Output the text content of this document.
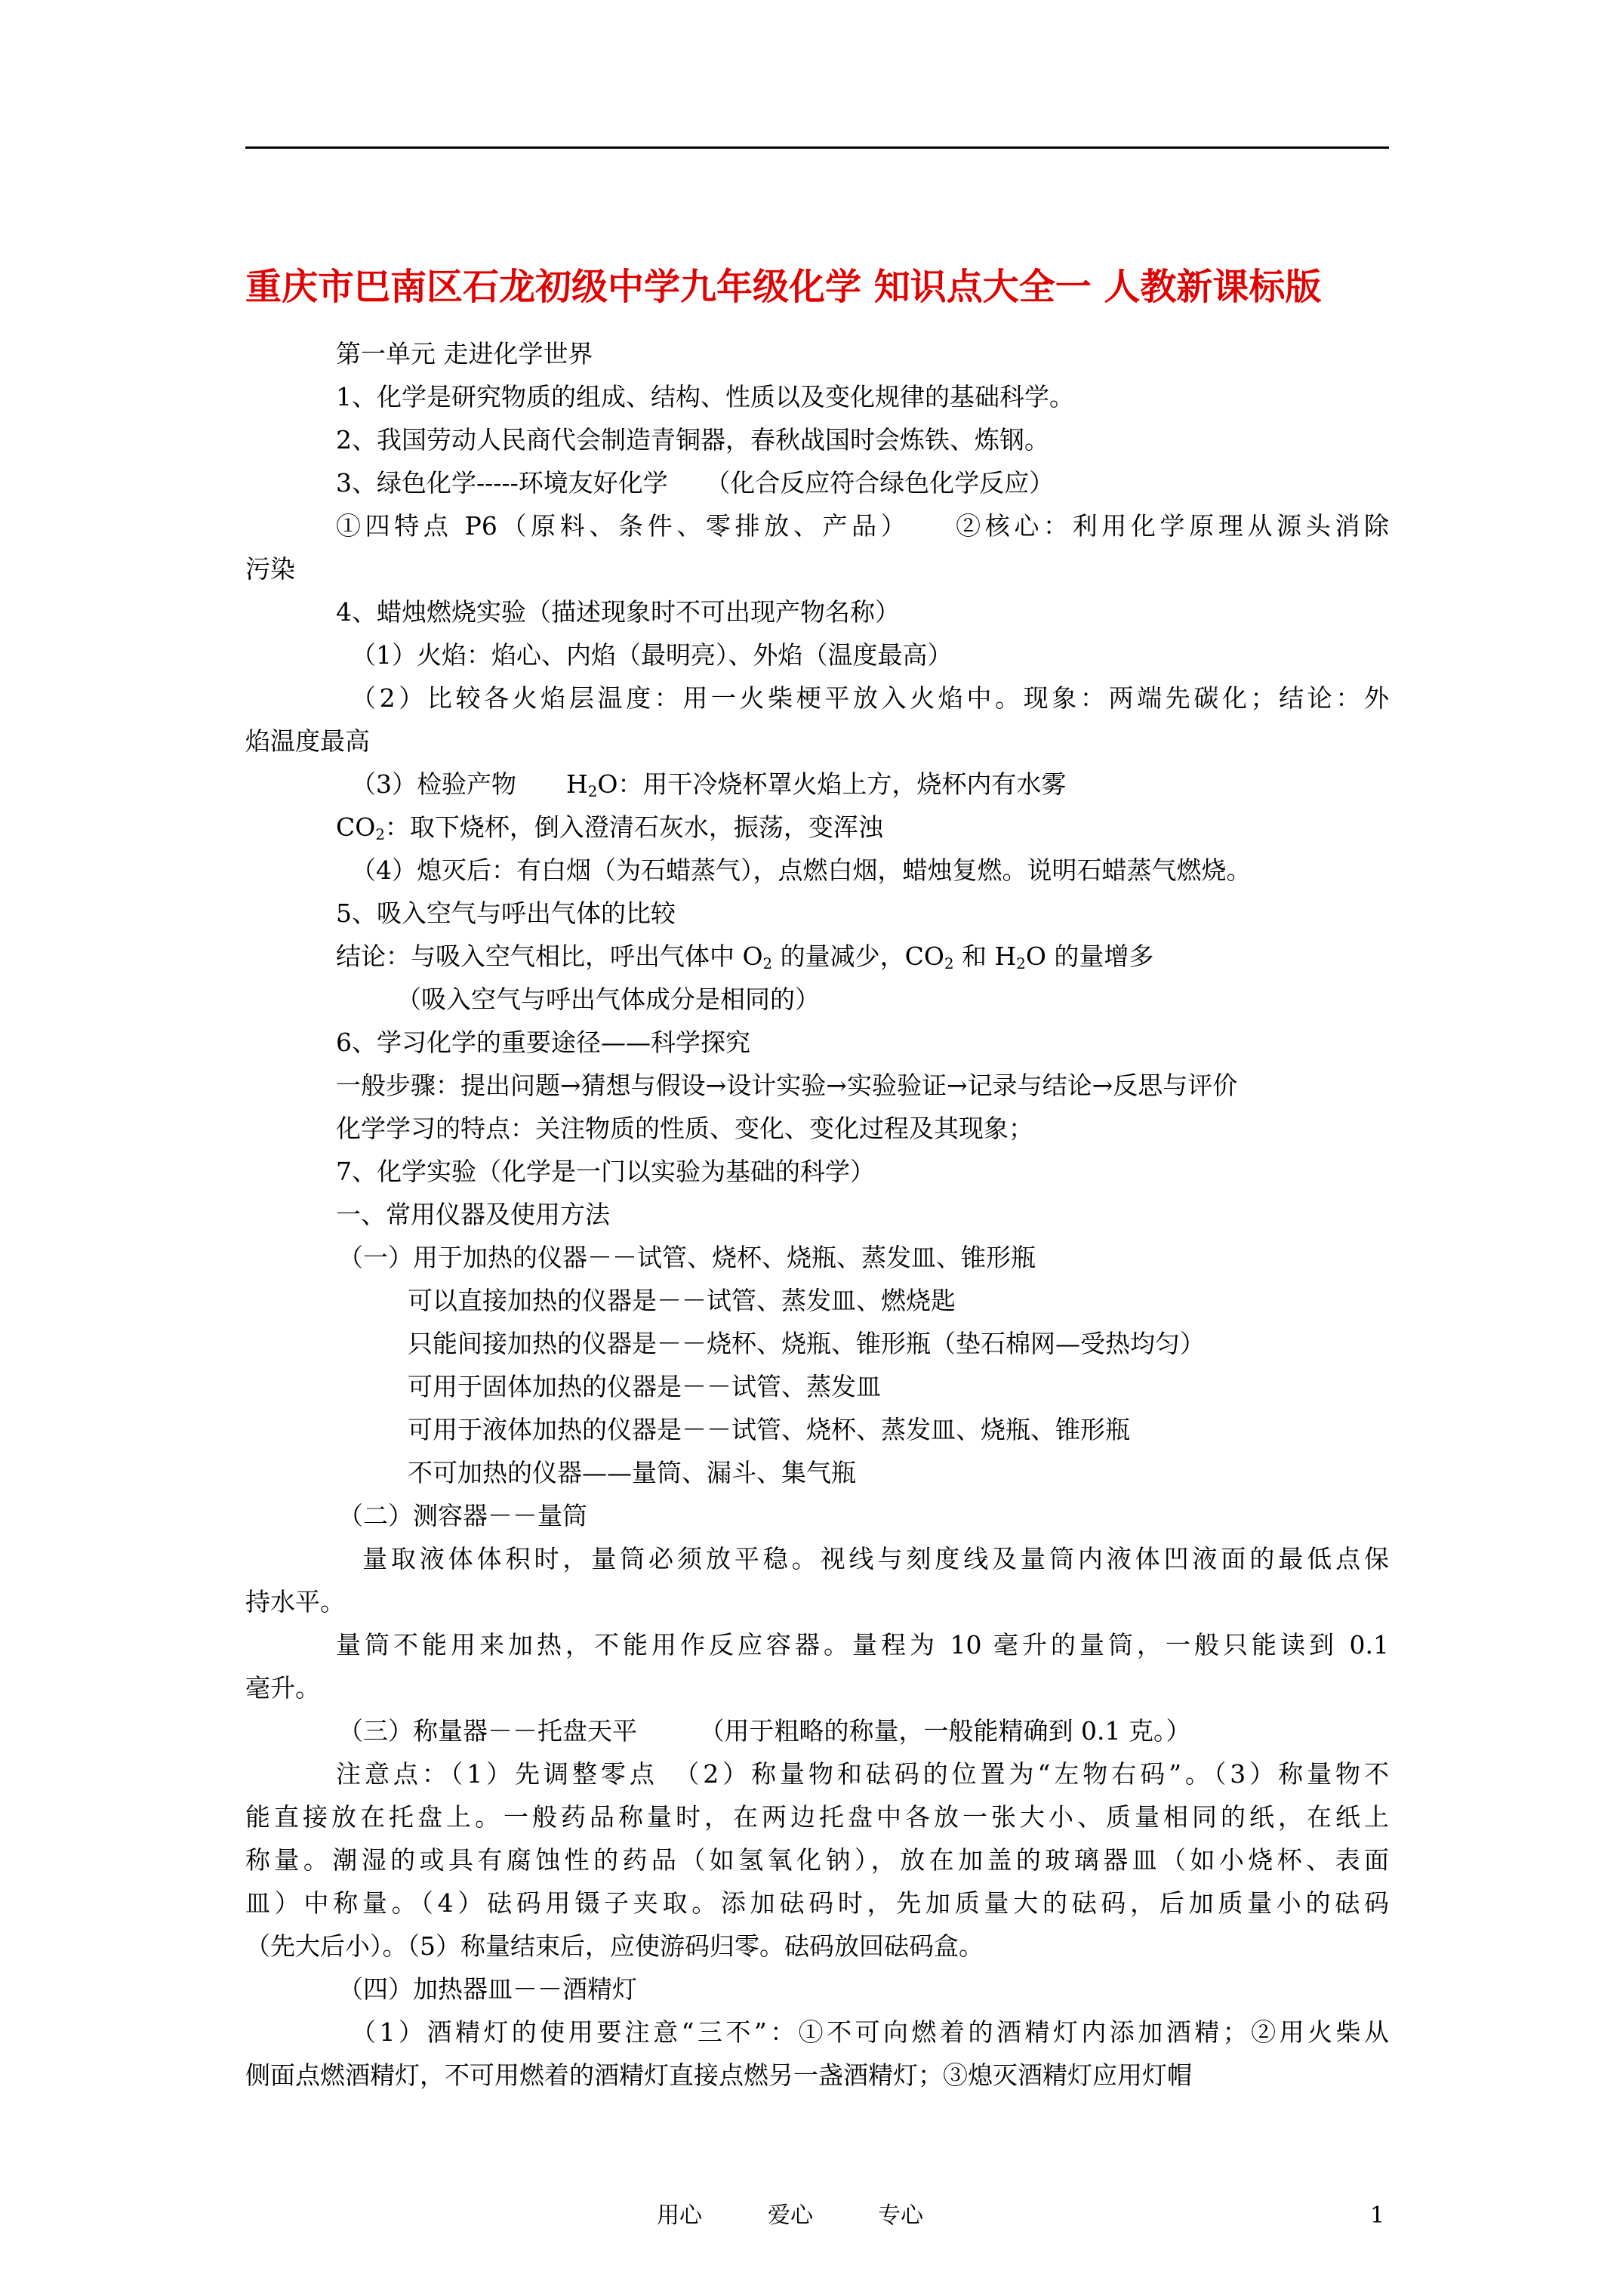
重庆市巴南区石龙初级中学九年级化学 知识点大全一 人教新课标版
第一单元 走进化学世界
1、化学是研究物质的组成、结构、性质以及变化规律的基础科学。
2、我国劳动人民商代会制造青铜器，春秋战国时会炼铁、炼钢。
3、绿色化学-----环境友好化学　　（化合反应符合绿色化学反应）
①四特点 P6（原料、条件、零排放、产品）　　②核心：利用化学原理从源头消除
污染
4、蜡烛燃烧实验（描述现象时不可出现产物名称）
（1）火焰：焰心、内焰（最明亮）、外焰（温度最高）
（2）比较各火焰层温度：用一火柴梗平放入火焰中。现象：两端先碳化；结论：外
焰温度最高
（3）检验产物　　$H_2O$：用干冷烧杯罩火焰上方，烧杯内有水雾
$CO_2$：取下烧杯，倒入澄清石灰水，振荡，变浑浊
（4）熄灭后：有白烟（为石蜡蒸气），点燃白烟，蜡烛复燃。说明石蜡蒸气燃烧。
5、吸入空气与呼出气体的比较
结论：与吸入空气相比，呼出气体中 $O_2$ 的量减少，$CO_2$ 和 $H_2O$ 的量增多
（吸入空气与呼出气体成分是相同的）
6、学习化学的重要途径——科学探究
一般步骤：提出问题→猜想与假设→设计实验→实验验证→记录与结论→反思与评价
化学学习的特点：关注物质的性质、变化、变化过程及其现象；
7、化学实验（化学是一门以实验为基础的科学）
一、常用仪器及使用方法
（一）用于加热的仪器－－试管、烧杯、烧瓶、蒸发皿、锥形瓶
可以直接加热的仪器是－－试管、蒸发皿、燃烧匙
只能间接加热的仪器是－－烧杯、烧瓶、锥形瓶（垫石棉网—受热均匀）
可用于固体加热的仪器是－－试管、蒸发皿
可用于液体加热的仪器是－－试管、烧杯、蒸发皿、烧瓶、锥形瓶
不可加热的仪器——量筒、漏斗、集气瓶
（二）测容器－－量筒
量取液体体积时，量筒必须放平稳。视线与刻度线及量筒内液体凹液面的最低点保
持水平。
量筒不能用来加热，不能用作反应容器。量程为 10 毫升的量筒，一般只能读到 0.1
毫升。
（三）称量器－－托盘天平　　　（用于粗略的称量，一般能精确到 0.1 克。）
注意点：（1）先调整零点　（2）称量物和砝码的位置为“左物右码”。（3）称量物不
能直接放在托盘上。一般药品称量时，在两边托盘中各放一张大小、质量相同的纸，在纸上
称量。潮湿的或具有腐蚀性的药品（如氢氧化钠），放在加盖的玻璃器皿（如小烧杯、表面
皿）中称量。（4）砝码用镊子夹取。添加砝码时，先加质量大的砝码，后加质量小的砝码
（先大后小）。（5）称量结束后，应使游码归零。砝码放回砝码盒。
（四）加热器皿－－酒精灯
（1）酒精灯的使用要注意“三不”：①不可向燃着的酒精灯内添加酒精；②用火柴从
侧面点燃酒精灯，不可用燃着的酒精灯直接点燃另一盏酒精灯；③熄灭酒精灯应用灯帽
用心	爱心	专心	1
